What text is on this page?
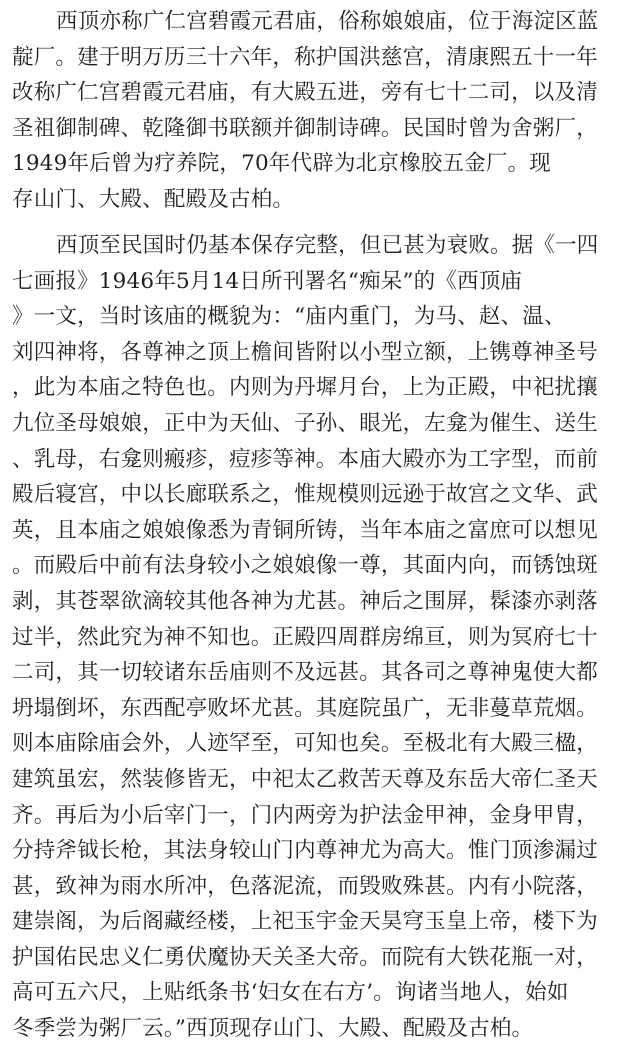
西顶亦称广仁宫碧霞元君庙，俗称娘娘庙，位于海淀区蓝
靛厂。建于明万历三十六年，称护国洪慈宫，清康熙五十一年
改称广仁宫碧霞元君庙，有大殿五进，旁有七十二司，以及清
圣祖御制碑、乾隆御书联额并御制诗碑。民国时曾为舍粥厂，
1949年后曾为疗养院，70年代辟为北京橡胶五金厂。现
存山门、大殿、配殿及古柏。
西顶至民国时仍基本保存完整，但已甚为衰败。据《一四
七画报》1946年5月14日所刊署名“痴呆”的《西顶庙
》一文，当时该庙的概貌为：“庙内重门，为马、赵、温、
刘四神将，各尊神之顶上檐间皆附以小型立额，上镌尊神圣号
，此为本庙之特色也。内则为丹墀月台，上为正殿，中祀扰攘
九位圣母娘娘，正中为天仙、子孙、眼光，左龛为催生、送生
、乳母，右龛则瘢疹，痘疹等神。本庙大殿亦为工字型，而前
殿后寝宫，中以长廊联系之，惟规模则远逊于故宫之文华、武
英，且本庙之娘娘像悉为青铜所铸，当年本庙之富庶可以想见
。而殿后中前有法身较小之娘娘像一尊，其面内向，而锈蚀斑
剥，其苍翠欲滴较其他各神为尤甚。神后之围屏，髹漆亦剥落
过半，然此究为神不知也。正殿四周群房绵亘，则为冥府七十
二司，其一切较诸东岳庙则不及远甚。其各司之尊神鬼使大都
坍塌倒坏，东西配亭败坏尤甚。其庭院虽广，无非蔓草荒烟。
则本庙除庙会外，人迹罕至，可知也矣。至极北有大殿三楹，
建筑虽宏，然装修皆无，中祀太乙救苦天尊及东岳大帝仁圣天
齐。再后为小后宰门一，门内两旁为护法金甲神，金身甲胄，
分持斧钺长枪，其法身较山门内尊神尤为高大。惟门顶渗漏过
甚，致神为雨水所冲，色落泥流，而毁败殊甚。内有小院落，
建崇阁，为后阁藏经楼，上祀玉宇金天昊穹玉皇上帝，楼下为
护国佑民忠义仁勇伏魔协天关圣大帝。而院有大铁花瓶一对，
高可五六尺，上贴纸条书‘妇女在右方’。询诸当地人，始如
冬季尝为粥厂云。”西顶现存山门、大殿、配殿及古柏。
